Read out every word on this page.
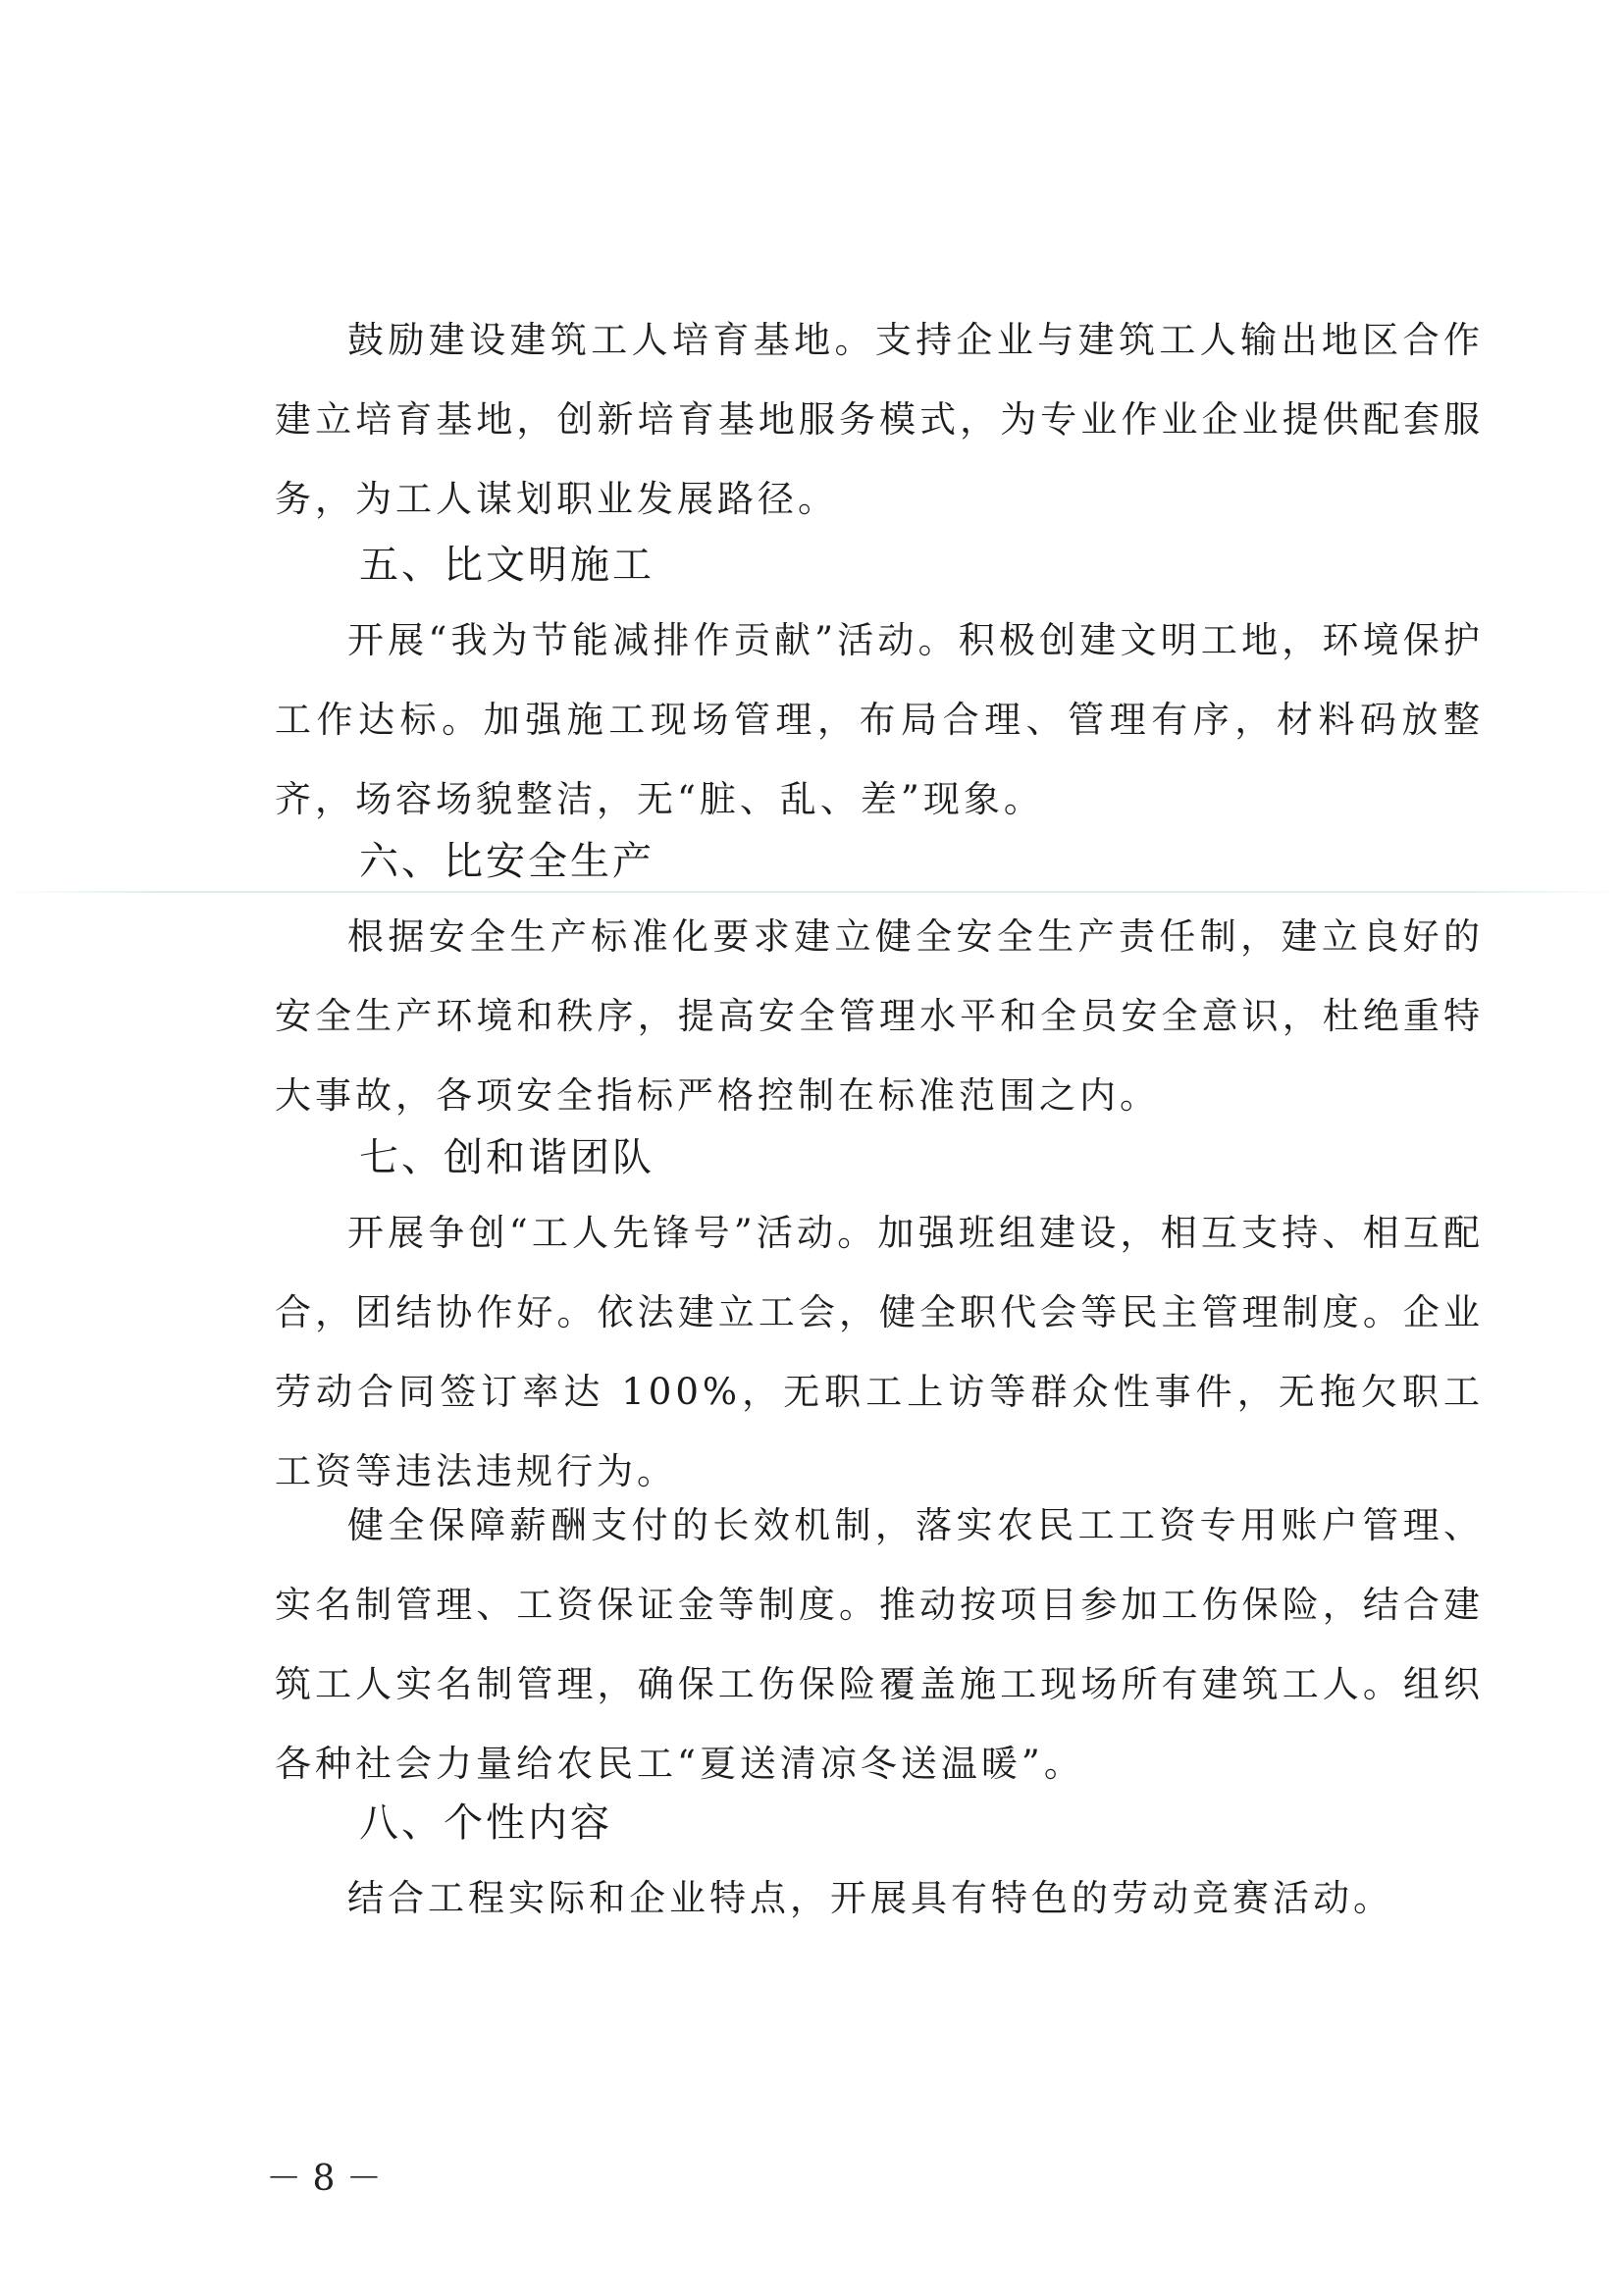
鼓励建设建筑工人培育基地。支持企业与建筑工人输出地区合作建立培育基地，创新培育基地服务模式，为专业作业企业提供配套服务，为工人谋划职业发展路径。

五、比文明施工

开展“我为节能减排作贡献”活动。积极创建文明工地，环境保护工作达标。加强施工现场管理，布局合理、管理有序，材料码放整齐，场容场貌整洁，无“脏、乱、差”现象。

六、比安全生产

根据安全生产标准化要求建立健全安全生产责任制，建立良好的安全生产环境和秩序，提高安全管理水平和全员安全意识，杜绝重特大事故，各项安全指标严格控制在标准范围之内。

七、创和谐团队

开展争创“工人先锋号”活动。加强班组建设，相互支持、相互配合，团结协作好。依法建立工会，健全职代会等民主管理制度。企业劳动合同签订率达 100%，无职工上访等群众性事件，无拖欠职工工资等违法违规行为。

健全保障薪酬支付的长效机制，落实农民工工资专用账户管理、实名制管理、工资保证金等制度。推动按项目参加工伤保险，结合建筑工人实名制管理，确保工伤保险覆盖施工现场所有建筑工人。组织各种社会力量给农民工“夏送清凉冬送温暖”。

八、个性内容

结合工程实际和企业特点，开展具有特色的劳动竞赛活动。

－ 8 －
